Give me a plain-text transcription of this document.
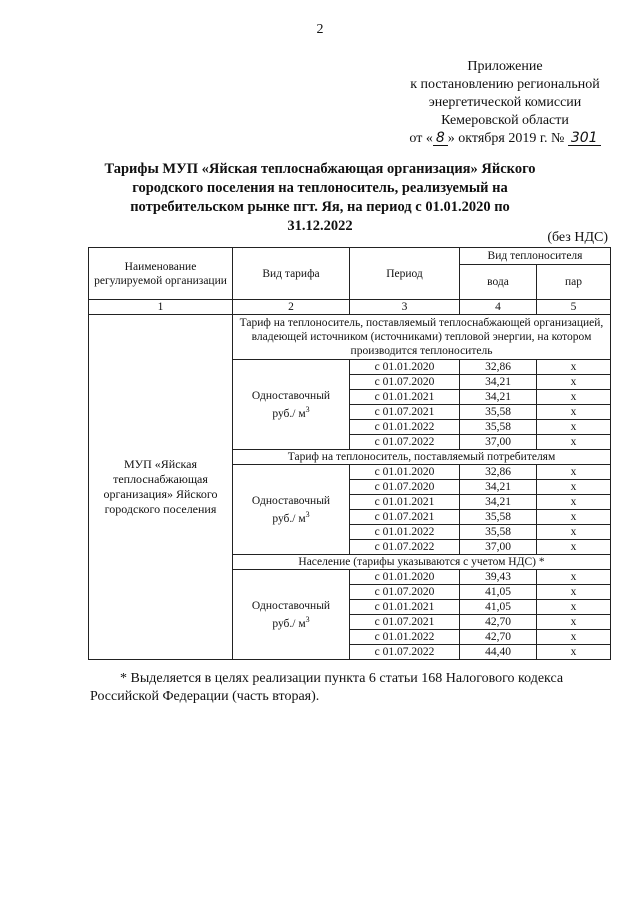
2
Приложение
к постановлению региональной
энергетической комиссии
Кемеровской области
от « 8 » октября 2019 г. № 301
Тарифы МУП «Яйская теплоснабжающая организация» Яйского
городского поселения на теплоноситель, реализуемый на
потребительском рынке пгт. Яя, на период с 01.01.2020 по 31.12.2022
(без НДС)
Наименование регулируемой организации	Вид тарифа	Период	Вид теплоносителя	
			вода	пар
1	2	3	4	5
МУП «Яйская теплоснабжающая организация» Яйского городского поселения	Тариф на теплоноситель, поставляемый теплоснабжающей организацией, владеющей источником (источниками) тепловой энергии, на котором производится теплоноситель			

	Одноставочный
руб./ $м^3$	с 01.01.2020	32,86	х
		с 01.07.2020	34,21	х
		с 01.01.2021	34,21	х
		с 01.07.2021	35,58	х
		с 01.01.2022	35,58	х
		с 01.07.2022	37,00	х
	Тариф на теплоноситель, поставляемый потребителям			

	Одноставочный
руб./ $м^3$	с 01.01.2020	32,86	х
		с 01.07.2020	34,21	х
		с 01.01.2021	34,21	х
		с 01.07.2021	35,58	х
		с 01.01.2022	35,58	х
		с 01.07.2022	37,00	х
	Население (тарифы указываются с учетом НДС) *			

	Одноставочный
руб./ $м^3$	с 01.01.2020	39,43	х
		с 01.07.2020	41,05	х
		с 01.01.2021	41,05	х
		с 01.07.2021	42,70	х
		с 01.01.2022	42,70	х
		с 01.07.2022	44,40	х
* Выделяется в целях реализации пункта 6 статьи 168 Налогового кодекса
Российской Федерации (часть вторая).
